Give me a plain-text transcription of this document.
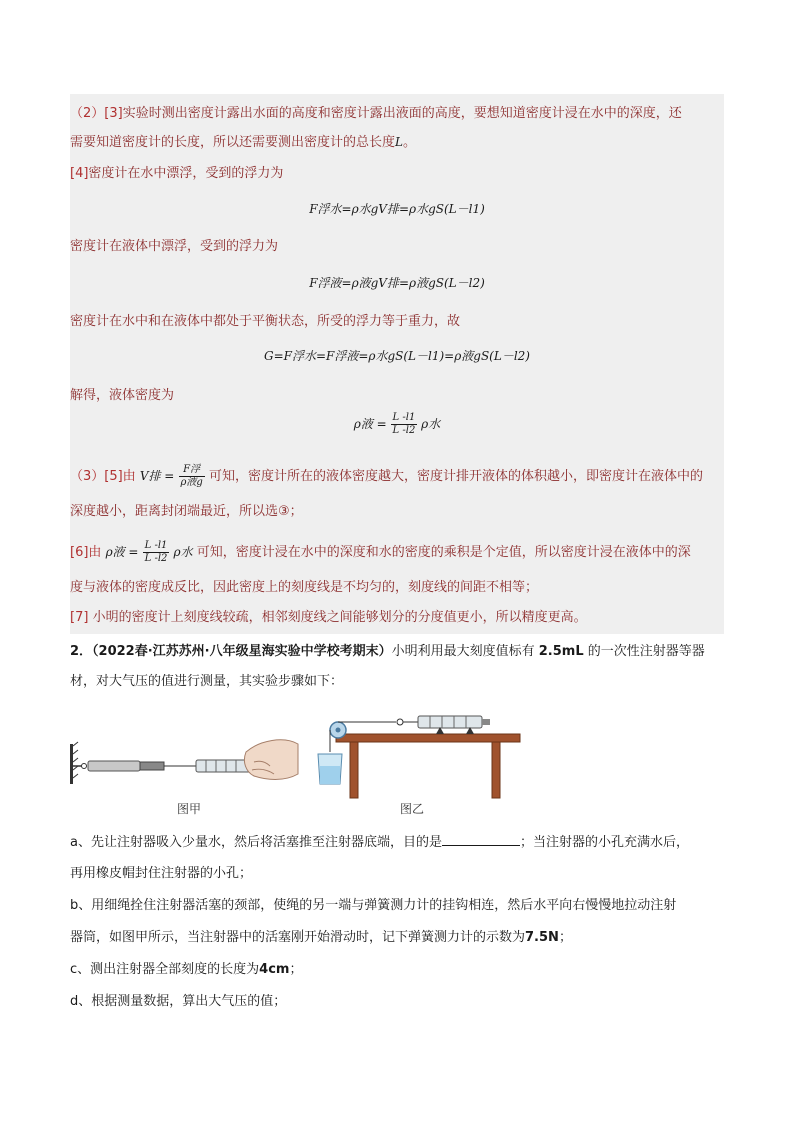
（2）[3]实验时测出密度计露出水面的高度和密度计露出液面的高度，要想知道密度计浸在水中的深度，还
需要知道密度计的长度，所以还需要测出密度计的总长度L。
[4]密度计在水中漂浮，受到的浮力为
F浮水=ρ水gV排=ρ水gS(L－l1)
密度计在液体中漂浮，受到的浮力为
F浮液=ρ液gV排=ρ液gS(L－l2)
密度计在水中和在液体中都处于平衡状态，所受的浮力等于重力，故
G=F浮水=F浮液=ρ水gS(L－l1)=ρ液gS(L－l2)
解得，液体密度为
ρ液 = $\frac{L -l1}{L -l2}$ ρ水
（3）[5]由 V排 = $\frac{\text{F浮}}{\text{ρ液g}}$ 可知，密度计所在的液体密度越大，密度计排开液体的体积越小，即密度计在液体中的
深度越小，距离封闭端最近，所以选③；
[6]由 ρ液 = $\frac{L -l1}{L -l2}$ ρ水 可知，密度计浸在水中的深度和水的密度的乘积是个定值，所以密度计浸在液体中的深
度与液体的密度成反比，因此密度上的刻度线是不均匀的，刻度线的间距不相等；
[7] 小明的密度计上刻度线较疏，相邻刻度线之间能够划分的分度值更小，所以精度更高。
2．（2022春·江苏苏州·八年级星海实验中学校考期末）小明利用最大刻度值标有 2.5mL 的一次性注射器等器
材，对大气压的值进行测量，其实验步骤如下：
图甲	图乙
a、先让注射器吸入少量水，然后将活塞推至注射器底端，目的是	；当注射器的小孔充满水后，
再用橡皮帽封住注射器的小孔；
b、用细绳拴住注射器活塞的颈部，使绳的另一端与弹簧测力计的挂钩相连，然后水平向右慢慢地拉动注射
器筒，如图甲所示，当注射器中的活塞刚开始滑动时，记下弹簧测力计的示数为7.5N；
c、测出注射器全部刻度的长度为4cm；
d、根据测量数据，算出大气压的值；
